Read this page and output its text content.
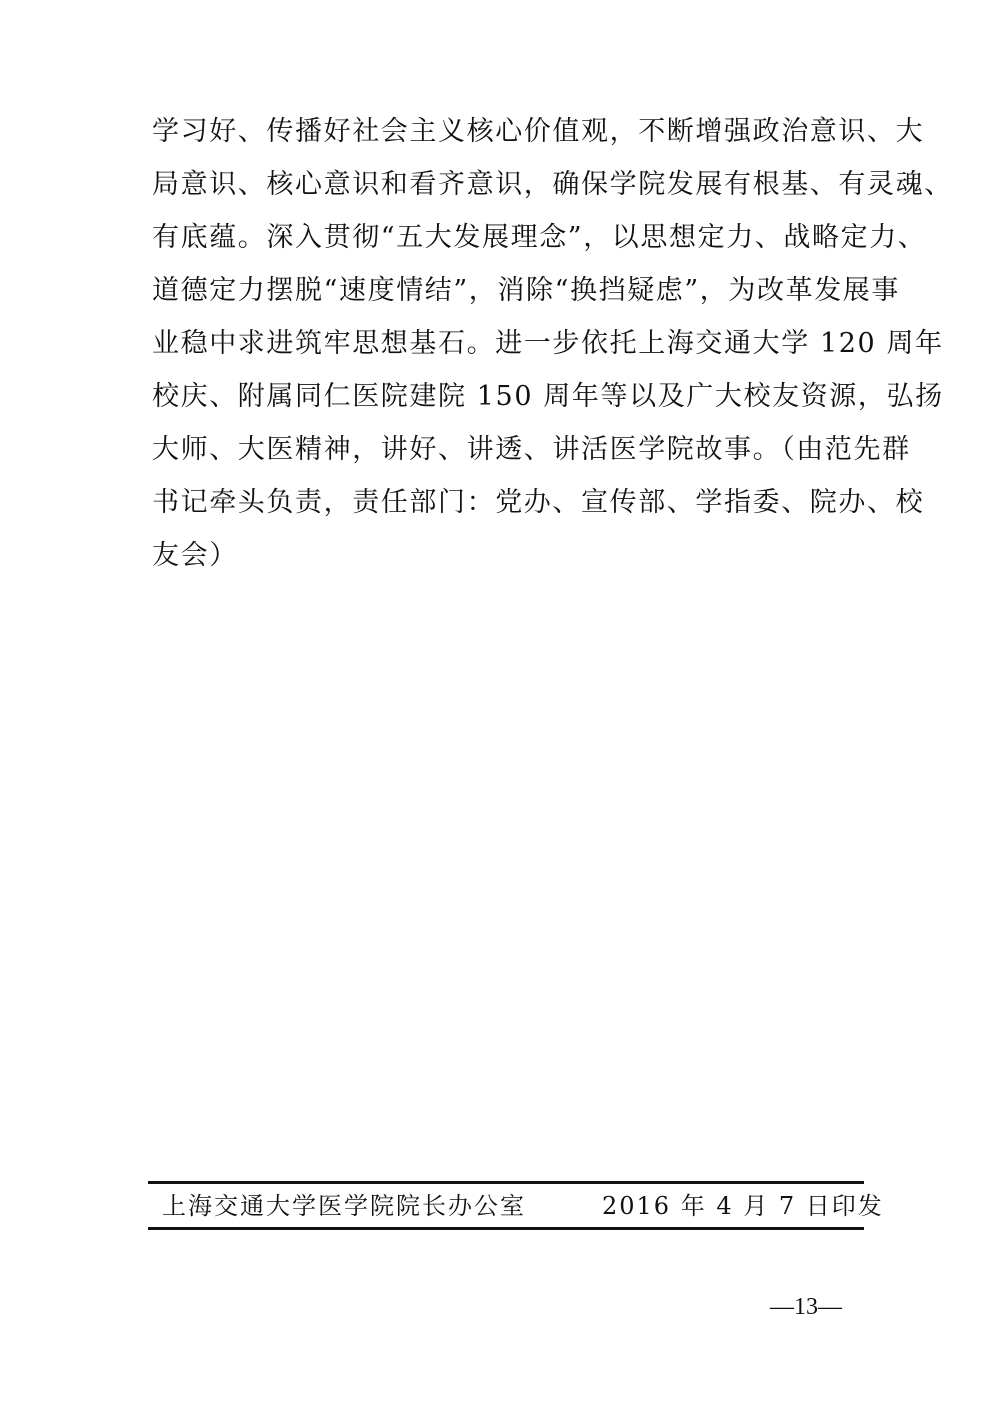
学习好、传播好社会主义核心价值观，不断增强政治意识、大
局意识、核心意识和看齐意识，确保学院发展有根基、有灵魂、
有底蕴。深入贯彻“五大发展理念”，以思想定力、战略定力、
道德定力摆脱“速度情结”，消除“换挡疑虑”，为改革发展事
业稳中求进筑牢思想基石。进一步依托上海交通大学 120 周年
校庆、附属同仁医院建院 150 周年等以及广大校友资源，弘扬
大师、大医精神，讲好、讲透、讲活医学院故事。（由范先群
书记牵头负责，责任部门：党办、宣传部、学指委、院办、校
友会）
上海交通大学医学院院长办公室	2016 年 4 月 7 日印发
—13—
